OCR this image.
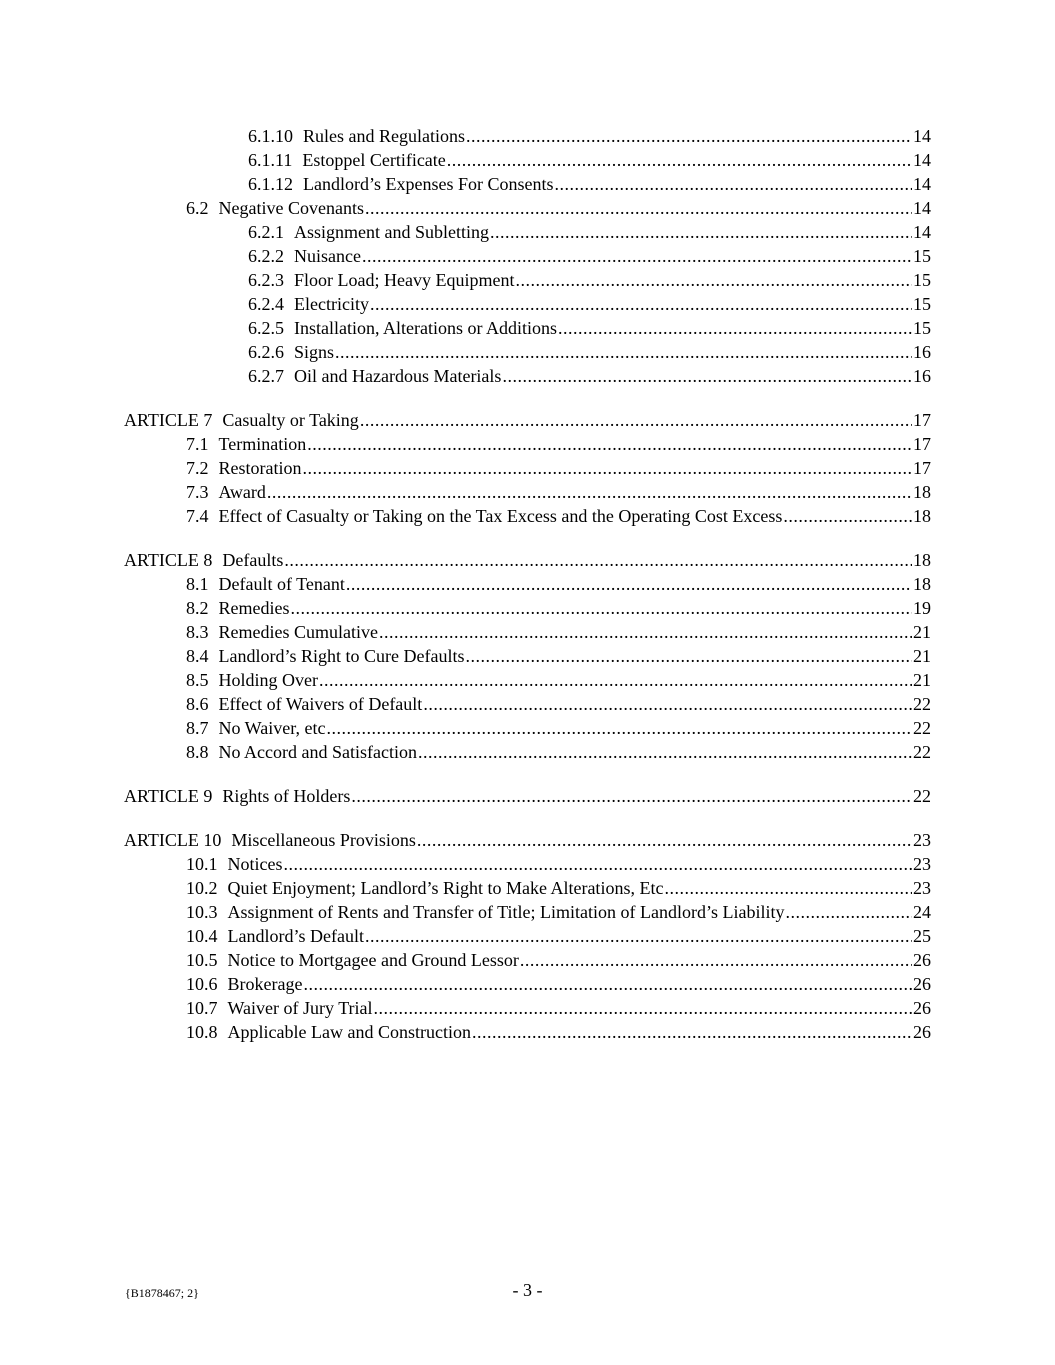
6.1.10 Rules and Regulations .....	14
6.1.11 Estoppel Certificate .....	14
6.1.12 Landlord’s Expenses For Consents .....	14
6.2 Negative Covenants .....	14
6.2.1 Assignment and Subletting .....	14
6.2.2 Nuisance .....	15
6.2.3 Floor Load; Heavy Equipment .....	15
6.2.4 Electricity .....	15
6.2.5 Installation, Alterations or Additions .....	15
6.2.6 Signs .....	16
6.2.7 Oil and Hazardous Materials .....	16
ARTICLE 7 Casualty or Taking .....	17
7.1 Termination .....	17
7.2 Restoration .....	17
7.3 Award .....	18
7.4 Effect of Casualty or Taking on the Tax Excess and the Operating Cost Excess .....	18
ARTICLE 8 Defaults .....	18
8.1 Default of Tenant .....	18
8.2 Remedies .....	19
8.3 Remedies Cumulative .....	21
8.4 Landlord’s Right to Cure Defaults .....	21
8.5 Holding Over .....	21
8.6 Effect of Waivers of Default .....	22
8.7 No Waiver, etc .....	22
8.8 No Accord and Satisfaction .....	22
ARTICLE 9 Rights of Holders .....	22
ARTICLE 10 Miscellaneous Provisions .....	23
10.1 Notices .....	23
10.2 Quiet Enjoyment; Landlord’s Right to Make Alterations, Etc .....	23
10.3 Assignment of Rents and Transfer of Title; Limitation of Landlord’s Liability .....	24
10.4 Landlord’s Default .....	25
10.5 Notice to Mortgagee and Ground Lessor .....	26
10.6 Brokerage .....	26
10.7 Waiver of Jury Trial .....	26
10.8 Applicable Law and Construction .....	26
{B1878467; 2}	- 3 -
